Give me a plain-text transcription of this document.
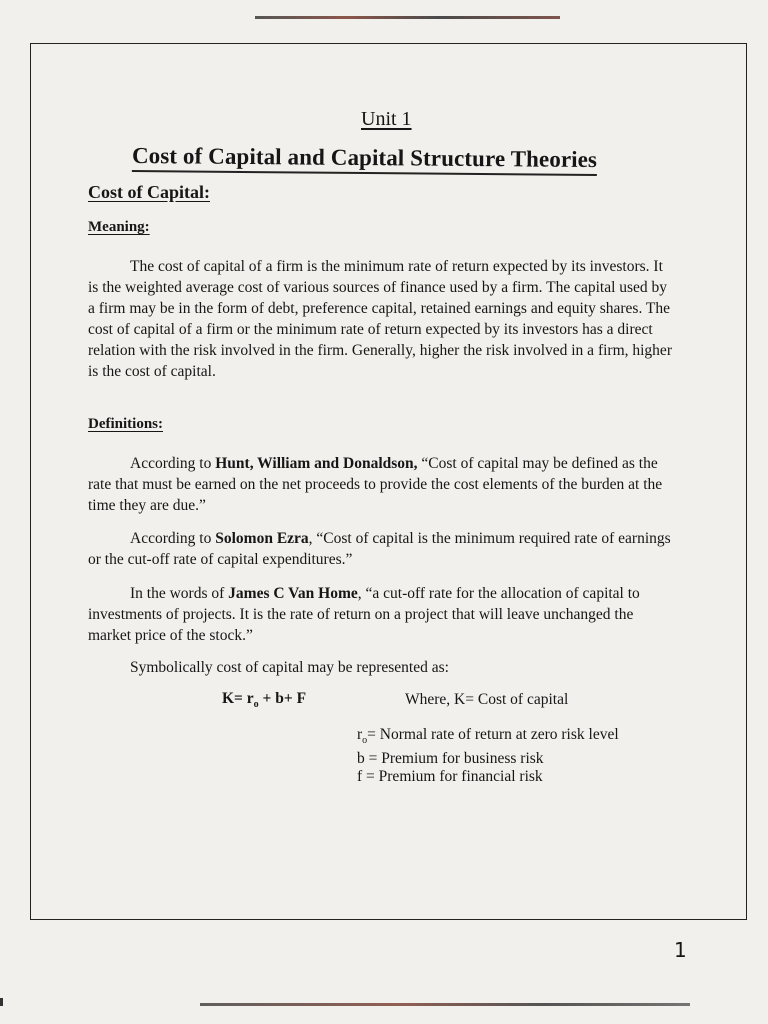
Unit 1
Cost of Capital and Capital Structure Theories
Cost of Capital:
Meaning:

The cost of capital of a firm is the minimum rate of return expected by its investors. It is the weighted average cost of various sources of finance used by a firm. The capital used by a firm may be in the form of debt, preference capital, retained earnings and equity shares. The cost of capital of a firm or the minimum rate of return expected by its investors has a direct relation with the risk involved in the firm. Generally, higher the risk involved in a firm, higher is the cost of capital.

Definitions:

According to Hunt, William and Donaldson, “Cost of capital may be defined as the rate that must be earned on the net proceeds to provide the cost elements of the burden at the time they are due.”

According to Solomon Ezra, “Cost of capital is the minimum required rate of earnings or the cut-off rate of capital expenditures.”

In the words of James C Van Home, “a cut-off rate for the allocation of capital to investments of projects. It is the rate of return on a project that will leave unchanged the market price of the stock.”

Symbolically cost of capital may be represented as:

$K= r_o + b+ F$	Where, K= Cost of capital
$r_o=$ Normal rate of return at zero risk level
b = Premium for business risk
f = Premium for financial risk
1
